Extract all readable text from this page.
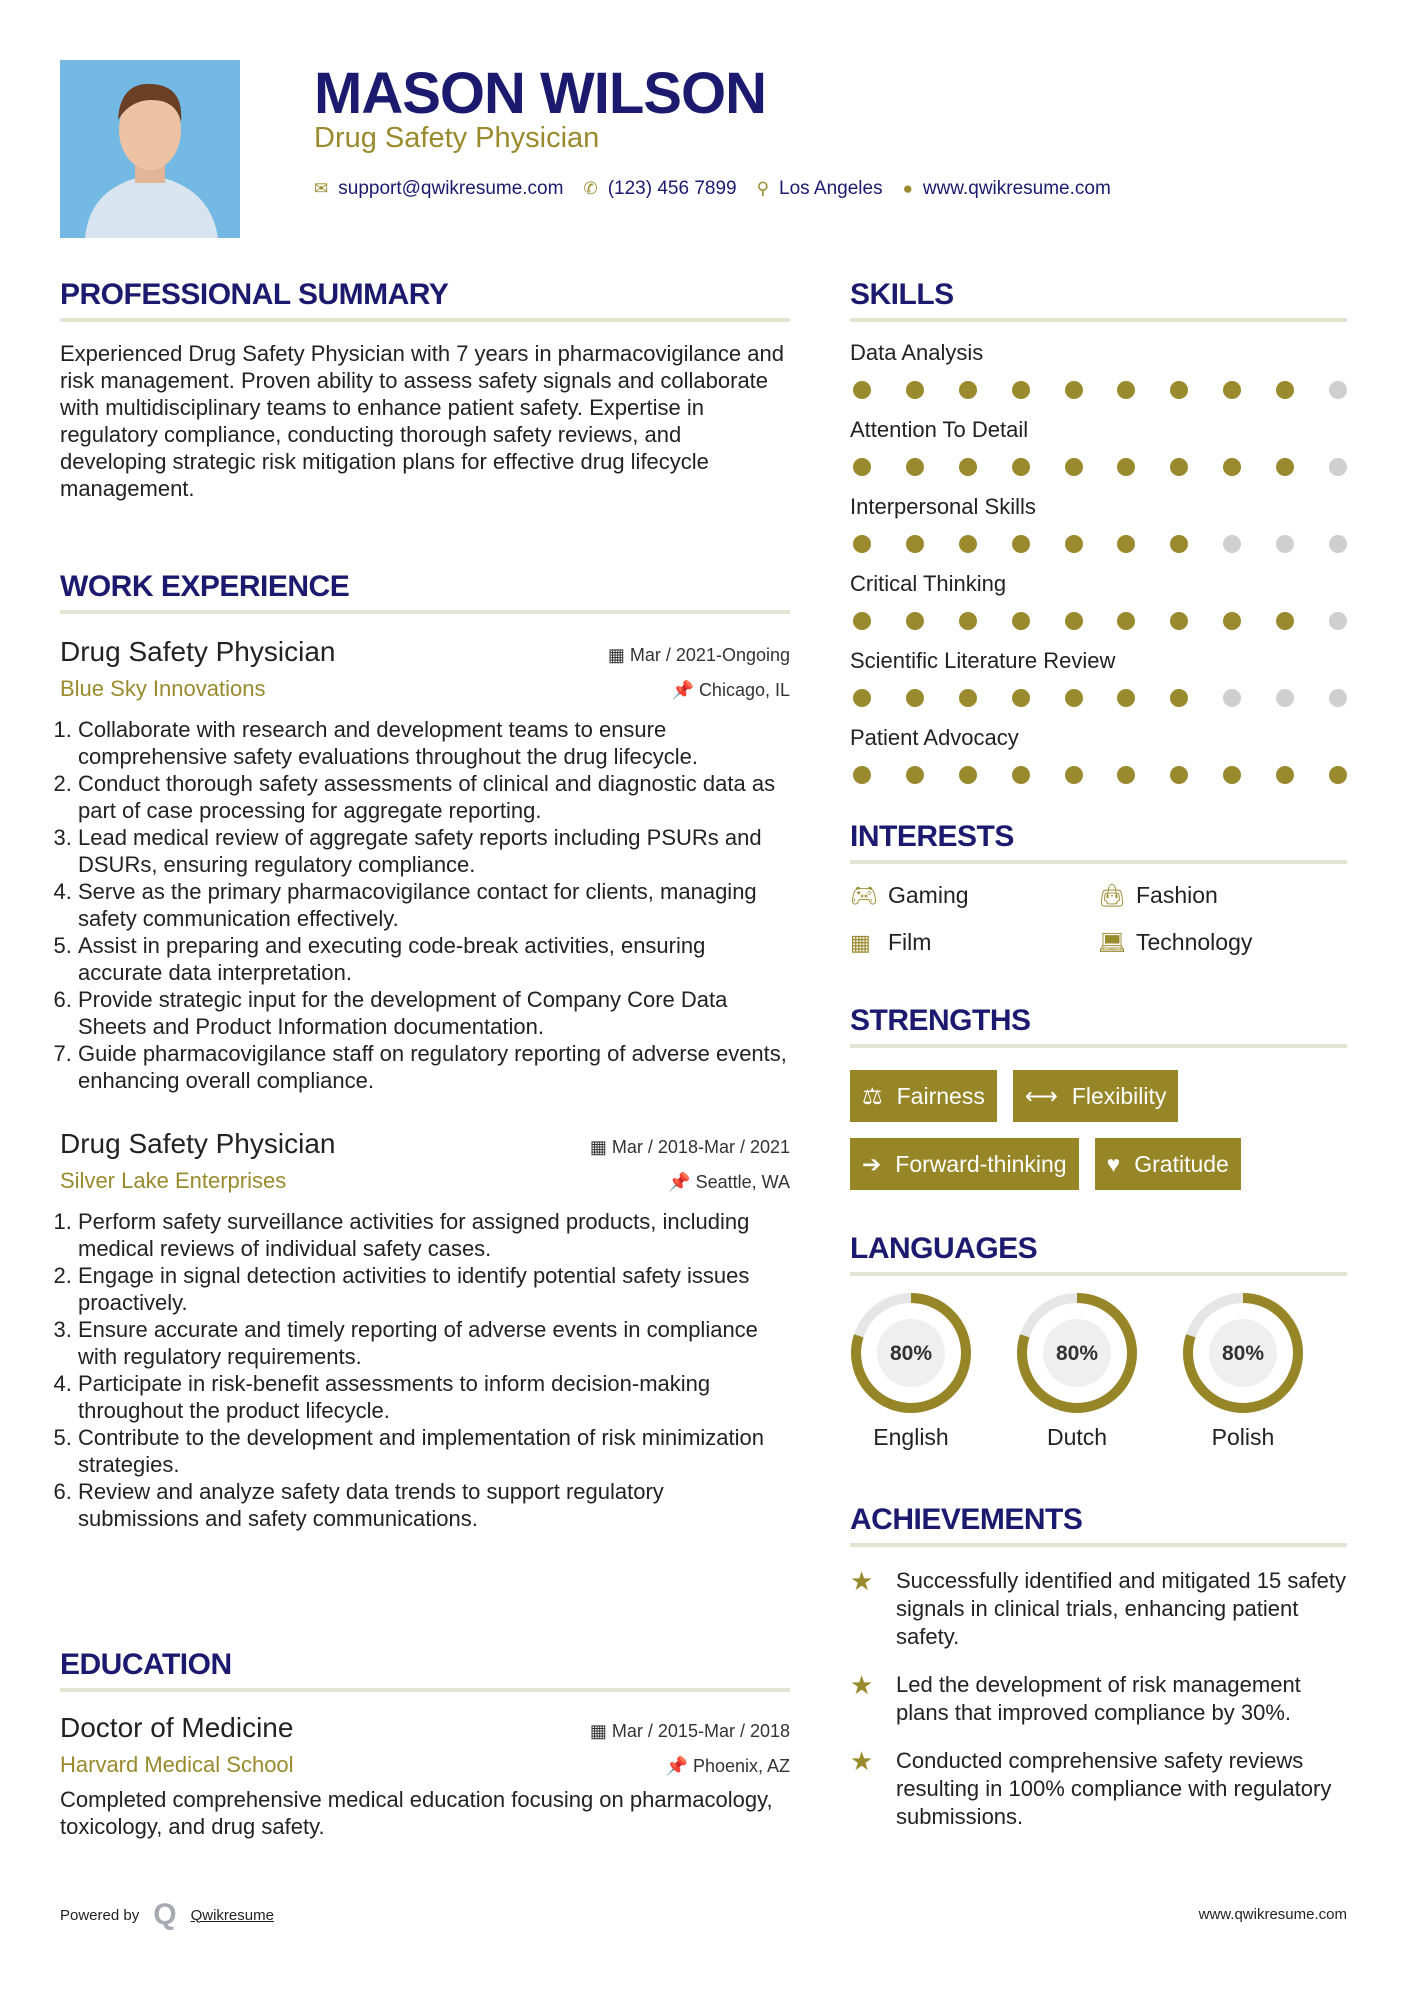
MASON WILSON
Drug Safety Physician
✉ support@qwikresume.com ✆ (123) 456 7899 ⚲ Los Angeles ● www.qwikresume.com
PROFESSIONAL SUMMARY
Experienced Drug Safety Physician with 7 years in pharmacovigilance and risk management. Proven ability to assess safety signals and collaborate with multidisciplinary teams to enhance patient safety. Expertise in regulatory compliance, conducting thorough safety reviews, and developing strategic risk mitigation plans for effective drug lifecycle management.
WORK EXPERIENCE
Drug Safety Physician	▦ Mar / 2021-Ongoing
Blue Sky Innovations	📌 Chicago, IL
1. Collaborate with research and development teams to ensure comprehensive safety evaluations throughout the drug lifecycle.
2. Conduct thorough safety assessments of clinical and diagnostic data as part of case processing for aggregate reporting.
3. Lead medical review of aggregate safety reports including PSURs and DSURs, ensuring regulatory compliance.
4. Serve as the primary pharmacovigilance contact for clients, managing safety communication effectively.
5. Assist in preparing and executing code-break activities, ensuring accurate data interpretation.
6. Provide strategic input for the development of Company Core Data Sheets and Product Information documentation.
7. Guide pharmacovigilance staff on regulatory reporting of adverse events, enhancing overall compliance.
Drug Safety Physician	▦ Mar / 2018-Mar / 2021
Silver Lake Enterprises	📌 Seattle, WA
1. Perform safety surveillance activities for assigned products, including medical reviews of individual safety cases.
2. Engage in signal detection activities to identify potential safety issues proactively.
3. Ensure accurate and timely reporting of adverse events in compliance with regulatory requirements.
4. Participate in risk-benefit assessments to inform decision-making throughout the product lifecycle.
5. Contribute to the development and implementation of risk minimization strategies.
6. Review and analyze safety data trends to support regulatory submissions and safety communications.
EDUCATION
Doctor of Medicine	▦ Mar / 2015-Mar / 2018
Harvard Medical School	📌 Phoenix, AZ
Completed comprehensive medical education focusing on pharmacology, toxicology, and drug safety.
SKILLS
Data Analysis
Attention To Detail
Interpersonal Skills
Critical Thinking
Scientific Literature Review
Patient Advocacy
INTERESTS
🎮︎ Gaming	👜︎ Fashion
▦ Film	💻︎ Technology
STRENGTHS
⚖ Fairness ⟷ Flexibility
➔ Forward-thinking ♥ Gratitude
LANGUAGES
80%
English
80%
Dutch
80%
Polish
ACHIEVEMENTS
★	Successfully identified and mitigated 15 safety signals in clinical trials, enhancing patient safety.
★	Led the development of risk management plans that improved compliance by 30%.
★	Conducted comprehensive safety reviews resulting in 100% compliance with regulatory submissions.
Powered by Q Qwikresume	www.qwikresume.com
